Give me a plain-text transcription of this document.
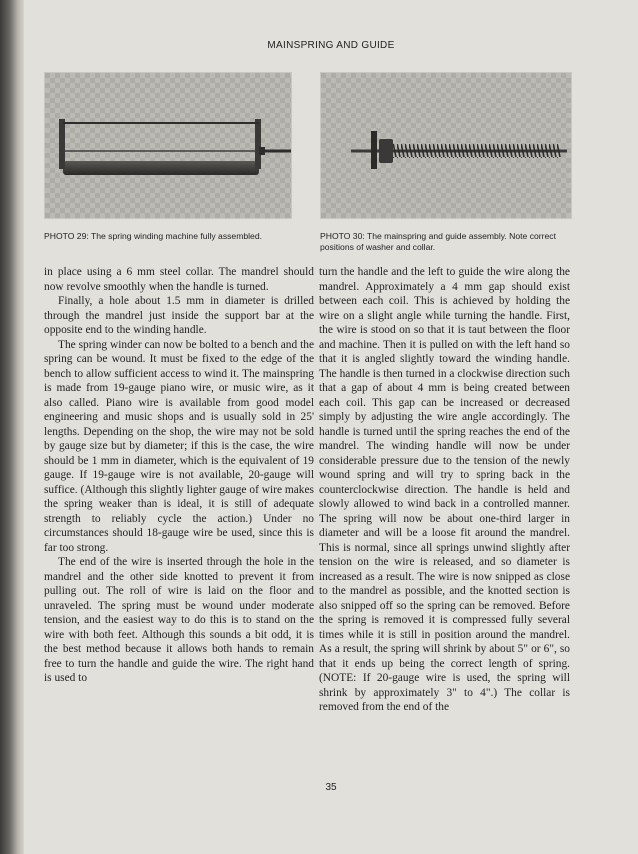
MAINSPRING AND GUIDE
PHOTO 29: The spring winding machine fully assembled.	PHOTO 30: The mainspring and guide assembly. Note correct positions of washer and collar.

in place using a 6 mm steel collar. The mandrel should now revolve smoothly when the handle is turned.

Finally, a hole about 1.5 mm in diameter is drilled through the mandrel just inside the support bar at the opposite end to the winding handle.

The spring winder can now be bolted to a bench and the spring can be wound. It must be fixed to the edge of the bench to allow sufficient access to wind it. The mainspring is made from 19-gauge piano wire, or music wire, as it also called. Piano wire is available from good model engineering and music shops and is usually sold in 25' lengths. Depending on the shop, the wire may not be sold by gauge size but by diameter; if this is the case, the wire should be 1 mm in diameter, which is the equivalent of 19 gauge. If 19-gauge wire is not available, 20-gauge will suffice. (Although this slightly lighter gauge of wire makes the spring weaker than is ideal, it is still of adequate strength to reliably cycle the action.) Under no circumstances should 18-gauge wire be used, since this is far too strong.

The end of the wire is inserted through the hole in the mandrel and the other side knotted to prevent it from pulling out. The roll of wire is laid on the floor and unraveled. The spring must be wound under moderate tension, and the easiest way to do this is to stand on the wire with both feet. Although this sounds a bit odd, it is the best method because it allows both hands to remain free to turn the handle and guide the wire. The right hand is used to

turn the handle and the left to guide the wire along the mandrel. Approximately a 4 mm gap should exist between each coil. This is achieved by holding the wire on a slight angle while turning the handle. First, the wire is stood on so that it is taut between the floor and machine. Then it is pulled on with the left hand so that it is angled slightly toward the winding handle. The handle is then turned in a clockwise direction such that a gap of about 4 mm is being created between each coil. This gap can be increased or decreased simply by adjusting the wire angle accordingly. The handle is turned until the spring reaches the end of the mandrel. The winding handle will now be under considerable pressure due to the tension of the newly wound spring and will try to spring back in the counterclockwise direction. The handle is held and slowly allowed to wind back in a controlled manner. The spring will now be about one-third larger in diameter and will be a loose fit around the mandrel. This is normal, since all springs unwind slightly after tension on the wire is released, and so diameter is increased as a result. The wire is now snipped as close to the mandrel as possible, and the knotted section is also snipped off so the spring can be removed. Before the spring is removed it is compressed fully several times while it is still in position around the mandrel. As a result, the spring will shrink by about 5" or 6", so that it ends up being the correct length of spring. (NOTE: If 20-gauge wire is used, the spring will shrink by approximately 3" to 4".) The collar is removed from the end of the

35
